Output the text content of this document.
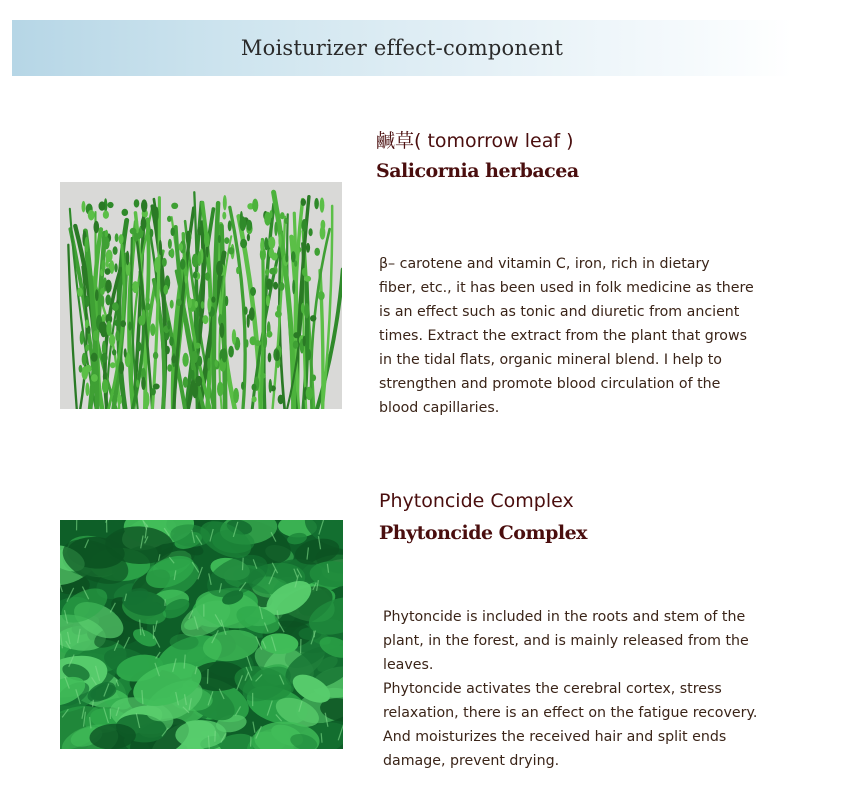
Moisturizer effect-component
鹹草( tomorrow leaf )
Salicornia herbacea

β– carotene and vitamin C, iron, rich in dietary
fiber, etc., it has been used in folk medicine as there
is an effect such as tonic and diuretic from ancient
times. Extract the extract from the plant that grows
in the tidal flats, organic mineral blend. I help to
strengthen and promote blood circulation of the
blood capillaries.

Phytoncide Complex
Phytoncide Complex

Phytoncide is included in the roots and stem of the
plant, in the forest, and is mainly released from the
leaves.
Phytoncide activates the cerebral cortex, stress
relaxation, there is an effect on the fatigue recovery.
And moisturizes the received hair and split ends
damage, prevent drying.
